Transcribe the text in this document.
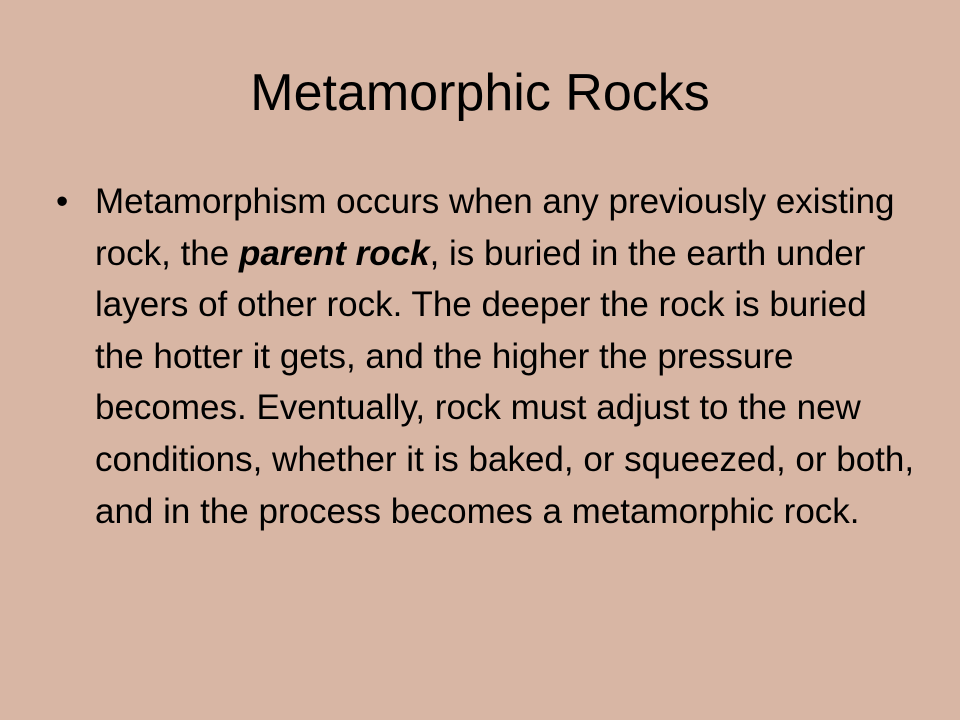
Metamorphic Rocks
• Metamorphism occurs when any previously existing rock, the parent rock, is buried in the earth under layers of other rock. The deeper the rock is buried the hotter it gets, and the higher the pressure becomes. Eventually, rock must adjust to the new conditions, whether it is baked, or squeezed, or both, and in the process becomes a metamorphic rock.
